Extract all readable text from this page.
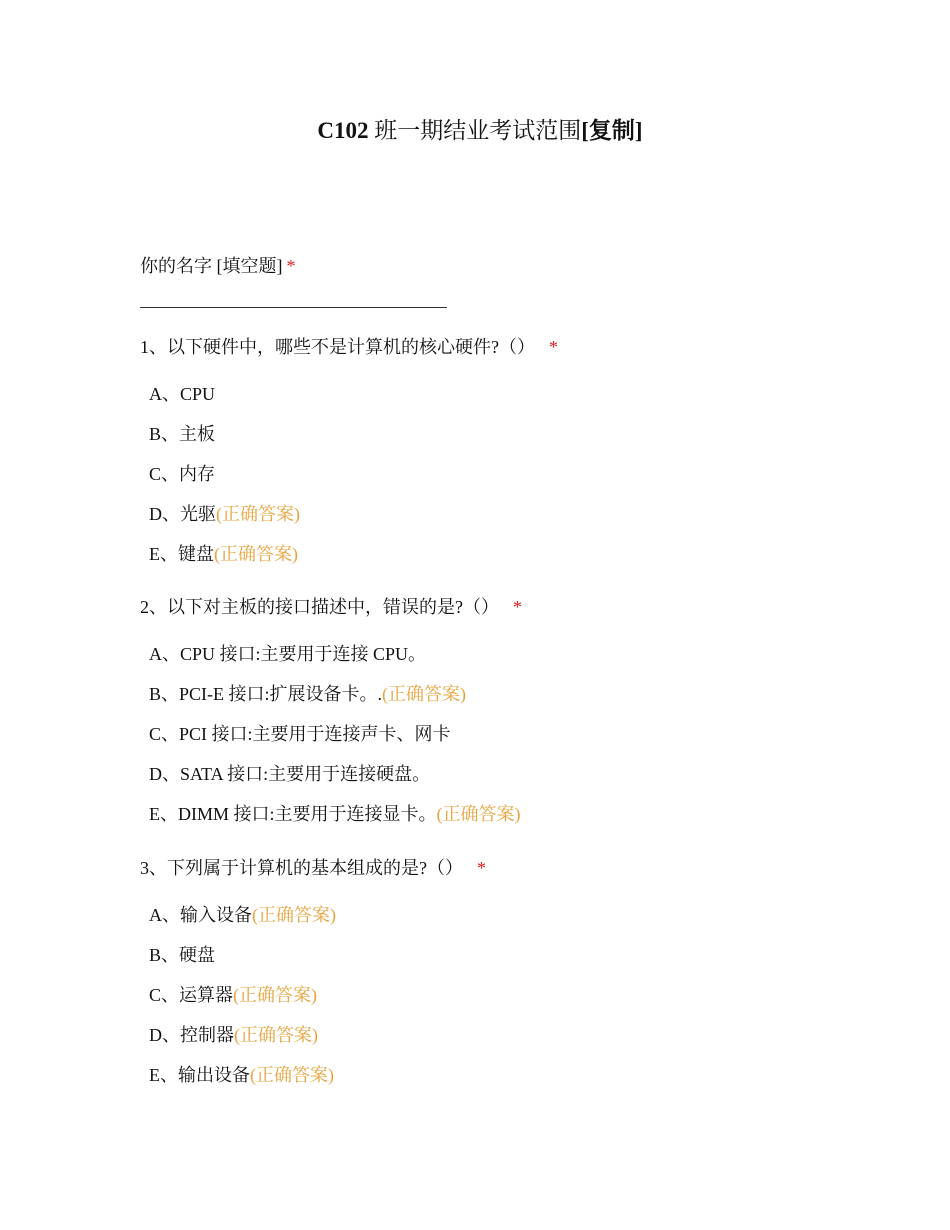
C102 班一期结业考试范围[复制]
你的名字 [填空题] *
1、以下硬件中，哪些不是计算机的核心硬件?（） *
A、CPU
B、主板
C、内存
D、光驱(正确答案)
E、键盘(正确答案)
2、以下对主板的接口描述中，错误的是?（） *
A、CPU 接口:主要用于连接 CPU。
B、PCI-E 接口:扩展设备卡。.(正确答案)
C、PCI 接口:主要用于连接声卡、网卡
D、SATA 接口:主要用于连接硬盘。
E、DIMM 接口:主要用于连接显卡。(正确答案)
3、下列属于计算机的基本组成的是?（） *
A、输入设备(正确答案)
B、硬盘
C、运算器(正确答案)
D、控制器(正确答案)
E、输出设备(正确答案)
